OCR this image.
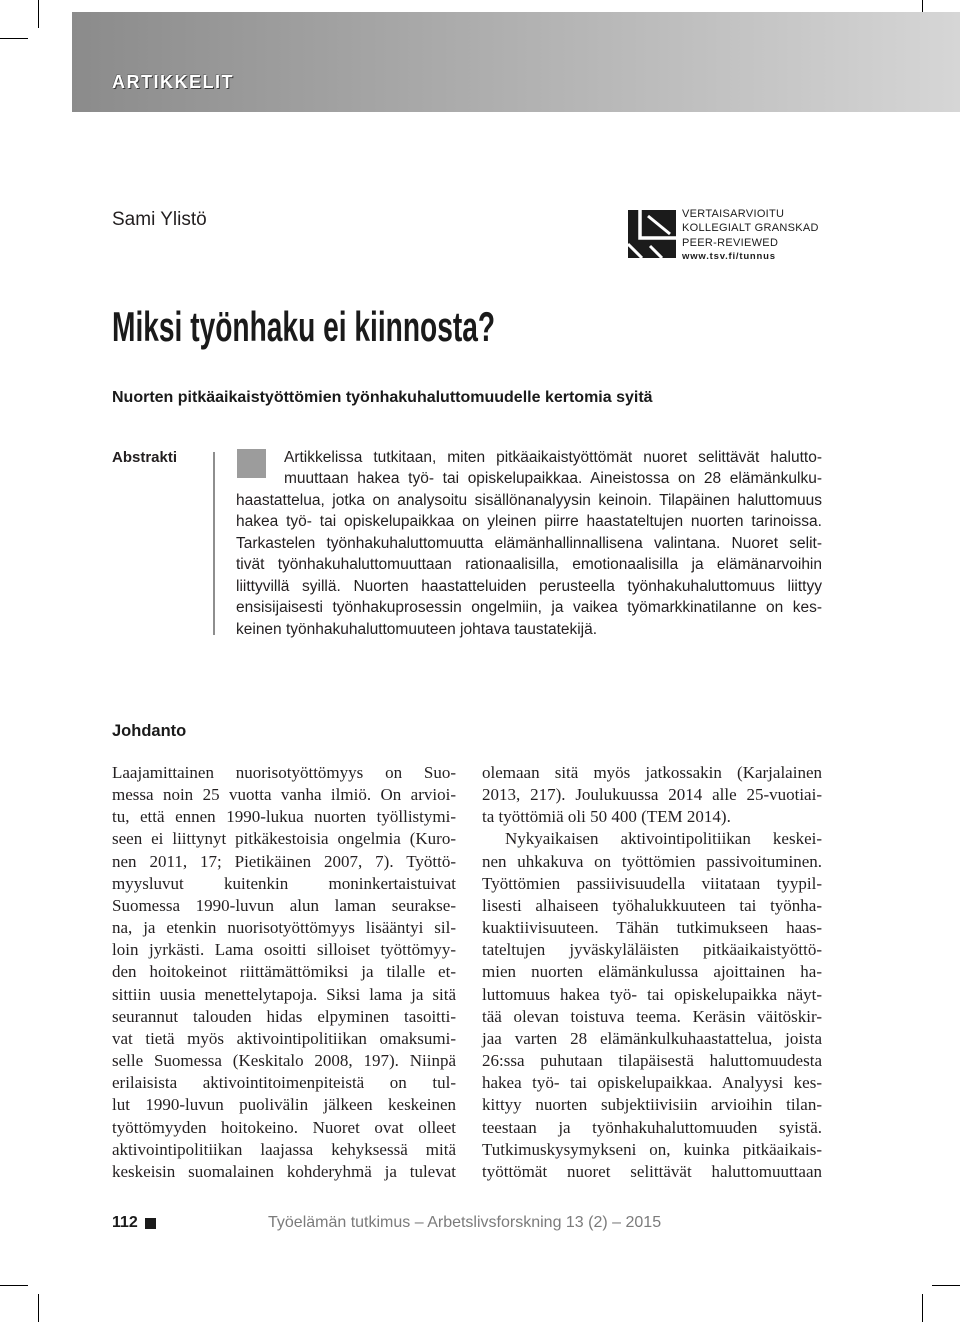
ARTIKKELIT
Sami Ylistö	VERTAISARVIOITU
KOLLEGIALT GRANSKAD
PEER-REVIEWED
www.tsv.fi/tunnus
Miksi työnhaku ei kiinnosta?
Nuorten pitkäaikaistyöttömien työnhakuhaluttomuudelle kertomia syitä
Abstrakti	Artikkelissa tutkitaan, miten pitkäaikaistyöttömät nuoret selittävät halutto-
muuttaan hakea työ- tai opiskelupaikkaa. Aineistossa on 28 elämänkulku-
haastattelua, jotka on analysoitu sisällönanalyysin keinoin. Tilapäinen haluttomuus
hakea työ- tai opiskelupaikkaa on yleinen piirre haastateltujen nuorten tarinoissa.
Tarkastelen työnhakuhaluttomuutta elämänhallinnallisena valintana. Nuoret selit-
tivät työnhakuhaluttomuuttaan rationaalisilla, emotionaalisilla ja elämänarvoihin
liittyvillä syillä. Nuorten haastatteluiden perusteella työnhakuhaluttomuus liittyy
ensisijaisesti työnhakuprosessin ongelmiin, ja vaikea työmarkkinatilanne on kes-
keinen työnhakuhaluttomuuteen johtava taustatekijä.
Johdanto
Laajamittainen nuorisotyöttömyys on Suo-
messa noin 25 vuotta vanha ilmiö. On arvioi-
tu, että ennen 1990-lukua nuorten työllistymi-
seen ei liittynyt pitkäkestoisia ongelmia (Kuro-
nen 2011, 17; Pietikäinen 2007, 7). Työttö-
myysluvut kuitenkin moninkertaistuivat
Suomessa 1990-luvun alun laman seurakse-
na, ja etenkin nuorisotyöttömyys lisääntyi sil-
loin jyrkästi. Lama osoitti silloiset työttömyy-
den hoitokeinot riittämättömiksi ja tilalle et-
sittiin uusia menettelytapoja. Siksi lama ja sitä
seurannut talouden hidas elpyminen tasoitti-
vat tietä myös aktivointipolitiikan omaksumi-
selle Suomessa (Keskitalo 2008, 197). Niinpä
erilaisista aktivointitoimenpiteistä on tul-
lut 1990-luvun puolivälin jälkeen keskeinen
työttömyyden hoitokeino. Nuoret ovat olleet
aktivointipolitiikan laajassa kehyksessä mitä
keskeisin suomalainen kohderyhmä ja tulevat
olemaan sitä myös jatkossakin (Karjalainen
2013, 217). Joulukuussa 2014 alle 25-vuotiai-
ta työttömiä oli 50 400 (TEM 2014).
Nykyaikaisen aktivointipolitiikan keskei-
nen uhkakuva on työttömien passivoituminen.
Työttömien passiivisuudella viitataan tyypil-
lisesti alhaiseen työhalukkuuteen tai työnha-
kuaktiivisuuteen. Tähän tutkimukseen haas-
tateltujen jyväskyläläisten pitkäaikaistyöttö-
mien nuorten elämänkulussa ajoittainen ha-
luttomuus hakea työ- tai opiskelupaikka näyt-
tää olevan toistuva teema. Keräsin väitöskir-
jaa varten 28 elämänkulkuhaastattelua, joista
26:ssa puhutaan tilapäisestä haluttomuudesta
hakea työ- tai opiskelupaikkaa. Analyysi kes-
kittyy nuorten subjektiivisiin arvioihin tilan-
teestaan ja työnhakuhaluttomuuden syistä.
Tutkimuskysymykseni on, kuinka pitkäaikais-
työttömät nuoret selittävät haluttomuuttaan
112	Työelämän tutkimus – Arbetslivsforskning 13 (2) – 2015
